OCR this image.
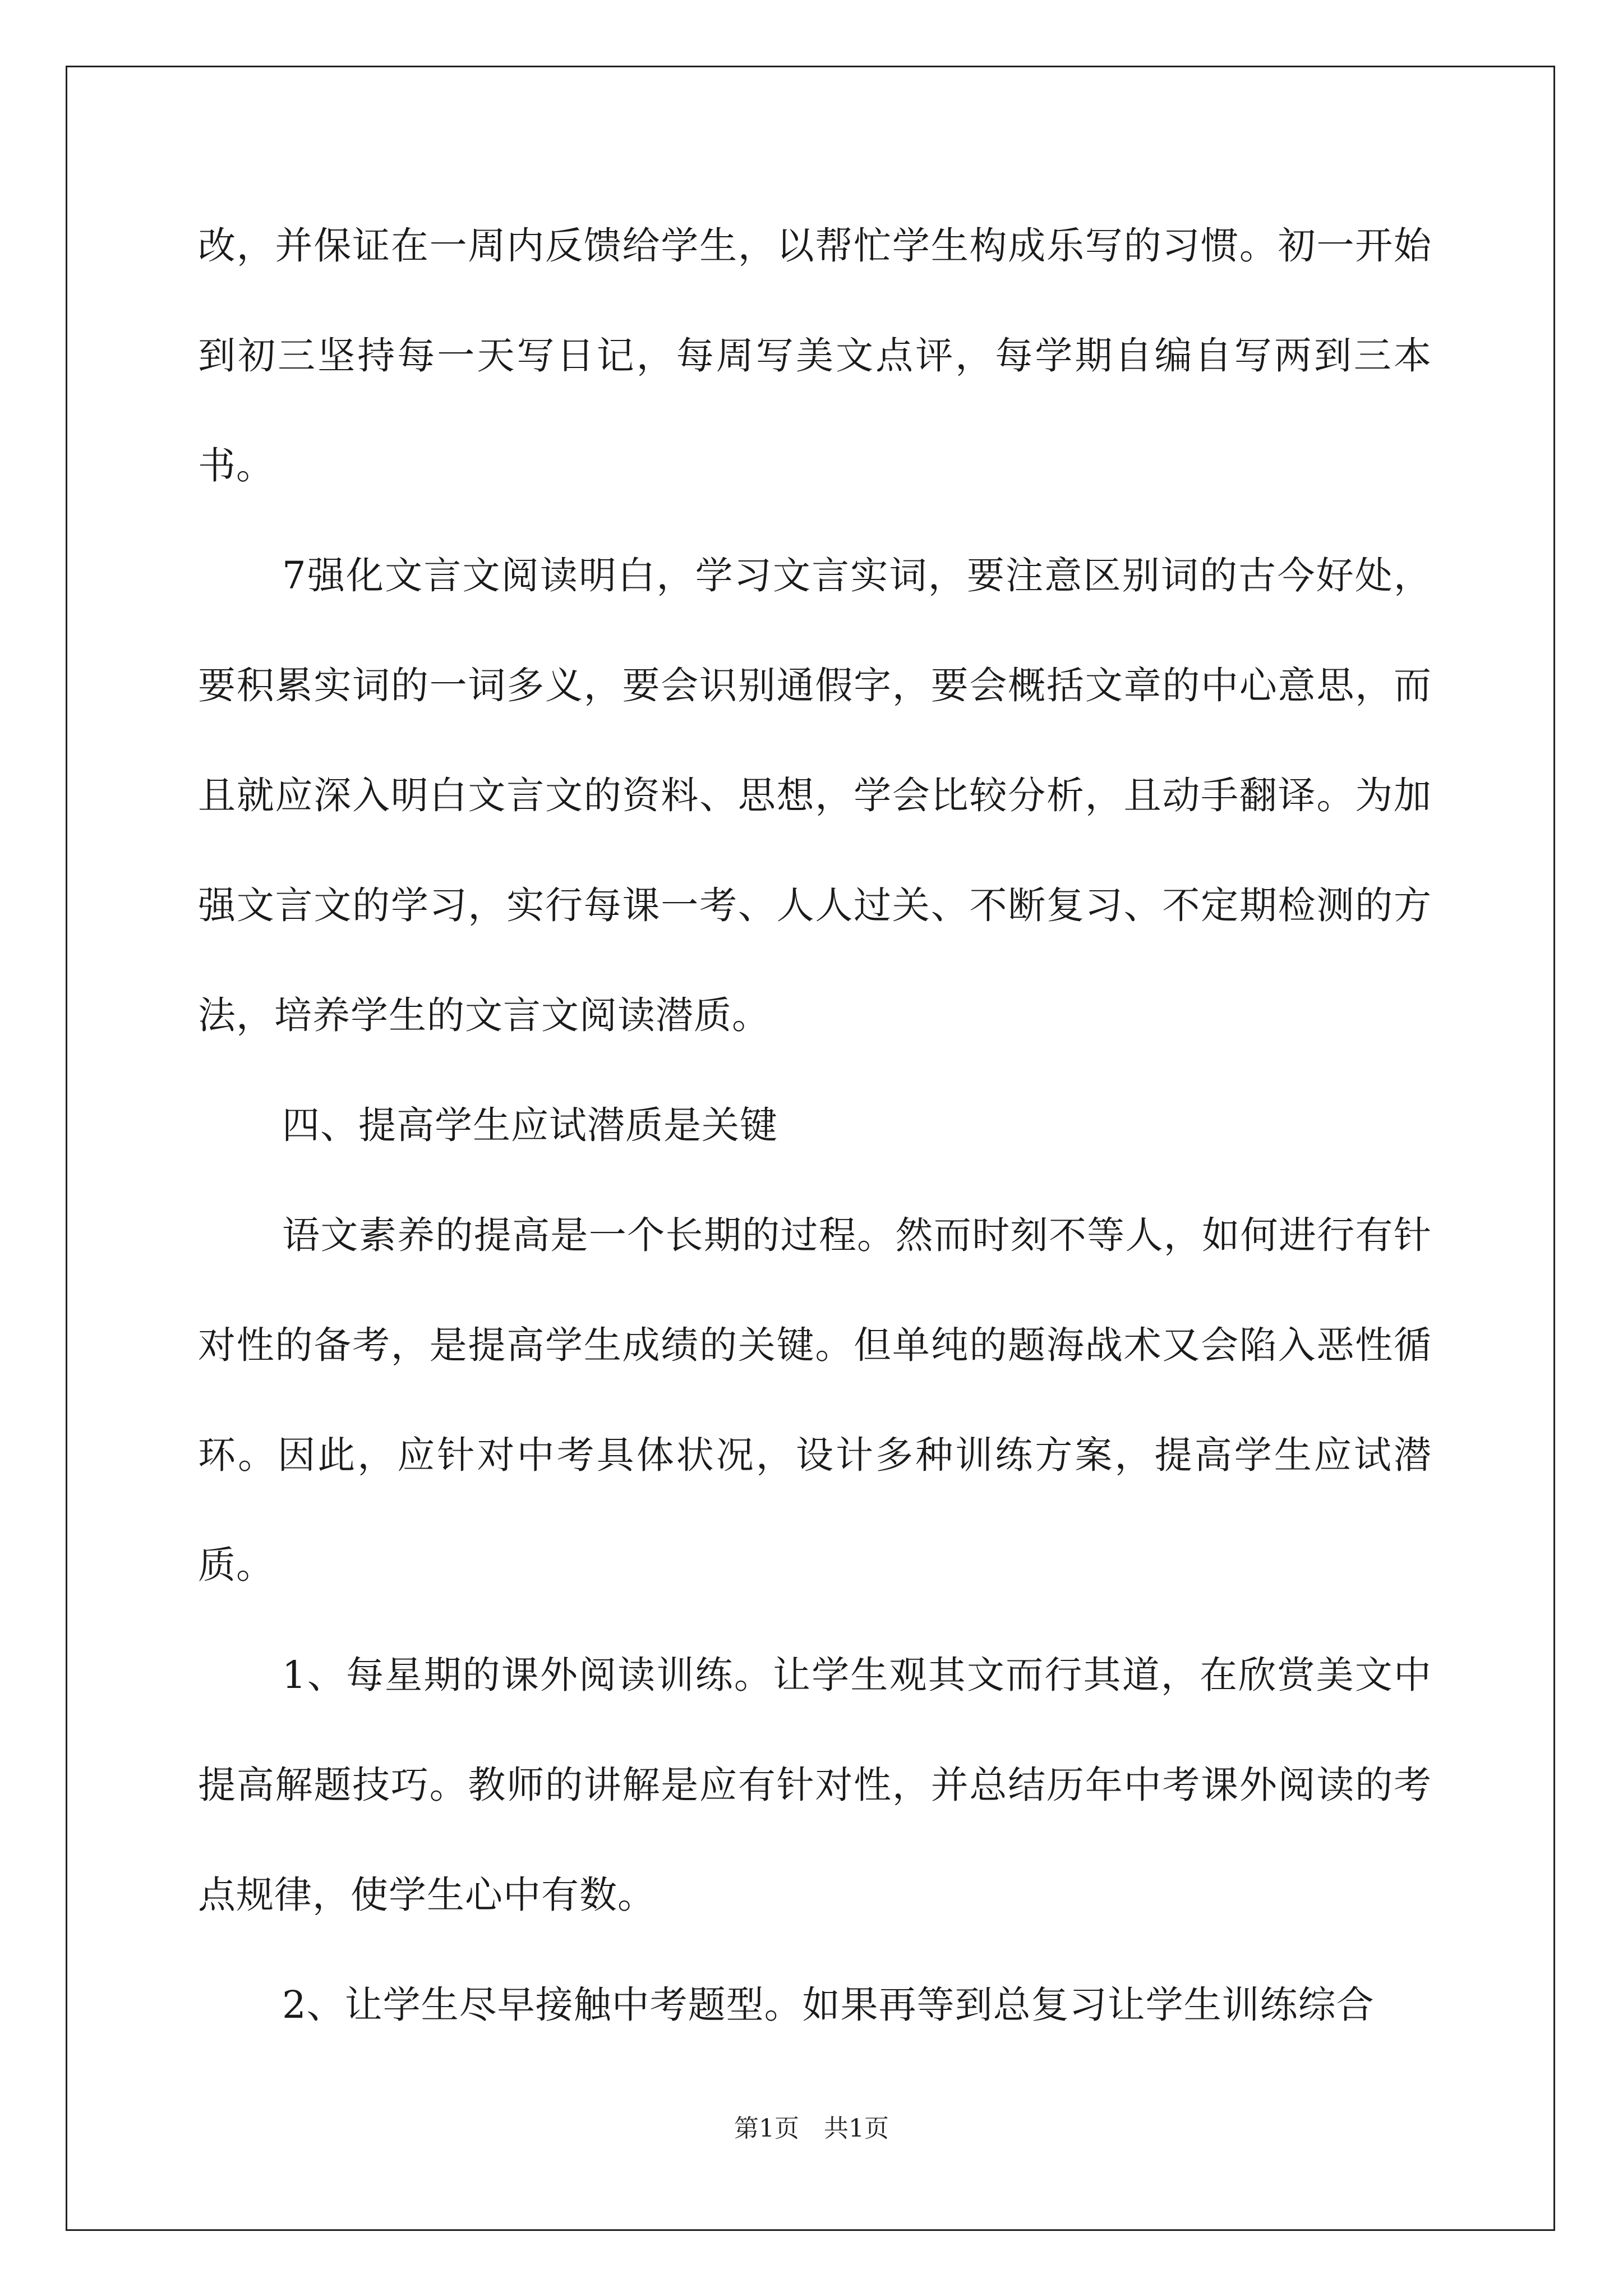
改，并保证在一周内反馈给学生，以帮忙学生构成乐写的习惯。初一开始到初三坚持每一天写日记，每周写美文点评，每学期自编自写两到三本书。

7强化文言文阅读明白，学习文言实词，要注意区别词的古今好处，要积累实词的一词多义，要会识别通假字，要会概括文章的中心意思，而且就应深入明白文言文的资料、思想，学会比较分析，且动手翻译。为加强文言文的学习，实行每课一考、人人过关、不断复习、不定期检测的方法，培养学生的文言文阅读潜质。

四、提高学生应试潜质是关键

语文素养的提高是一个长期的过程。然而时刻不等人，如何进行有针对性的备考，是提高学生成绩的关键。但单纯的题海战术又会陷入恶性循环。因此，应针对中考具体状况，设计多种训练方案，提高学生应试潜质。

1、每星期的课外阅读训练。让学生观其文而行其道，在欣赏美文中提高解题技巧。教师的讲解是应有针对性，并总结历年中考课外阅读的考点规律，使学生心中有数。

2、让学生尽早接触中考题型。如果再等到总复习让学生训练综合

第1页　共1页
